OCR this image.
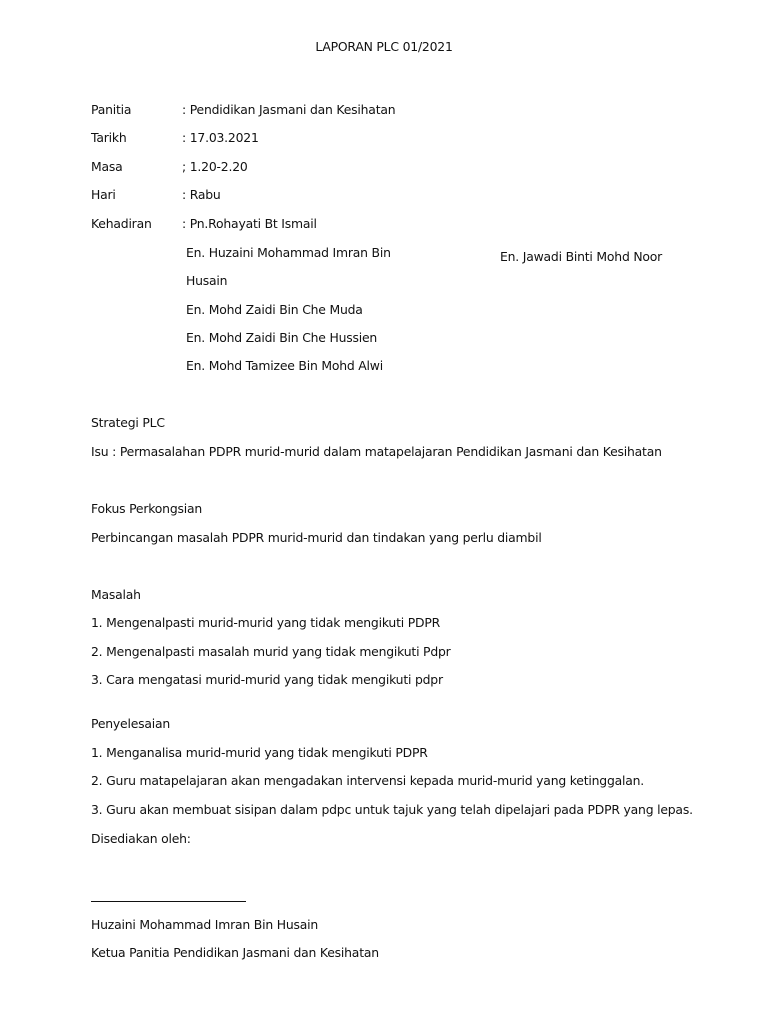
LAPORAN PLC 01/2021
Panitia	: Pendidikan Jasmani dan Kesihatan
Tarikh	: 17.03.2021
Masa	; 1.20-2.20
Hari	: Rabu
Kehadiran : Pn.Rohayati Bt Ismail
En. Huzaini Mohammad Imran Bin
Husain
En. Mohd Zaidi Bin Che Muda
En. Mohd Zaidi Bin Che Hussien
En. Mohd Tamizee Bin Mohd Alwi
En. Jawadi Binti Mohd Noor
Strategi PLC
Isu : Permasalahan PDPR murid-murid dalam matapelajaran Pendidikan Jasmani dan Kesihatan
Fokus Perkongsian
Perbincangan masalah PDPR murid-murid dan tindakan yang perlu diambil
Masalah
1. Mengenalpasti murid-murid yang tidak mengikuti PDPR
2. Mengenalpasti masalah murid yang tidak mengikuti Pdpr
3. Cara mengatasi murid-murid yang tidak mengikuti pdpr
Penyelesaian
1. Menganalisa murid-murid yang tidak mengikuti PDPR
2. Guru matapelajaran akan mengadakan intervensi kepada murid-murid yang ketinggalan.
3. Guru akan membuat sisipan dalam pdpc untuk tajuk yang telah dipelajari pada PDPR yang lepas.
Disediakan oleh:
Huzaini Mohammad Imran Bin Husain
Ketua Panitia Pendidikan Jasmani dan Kesihatan
